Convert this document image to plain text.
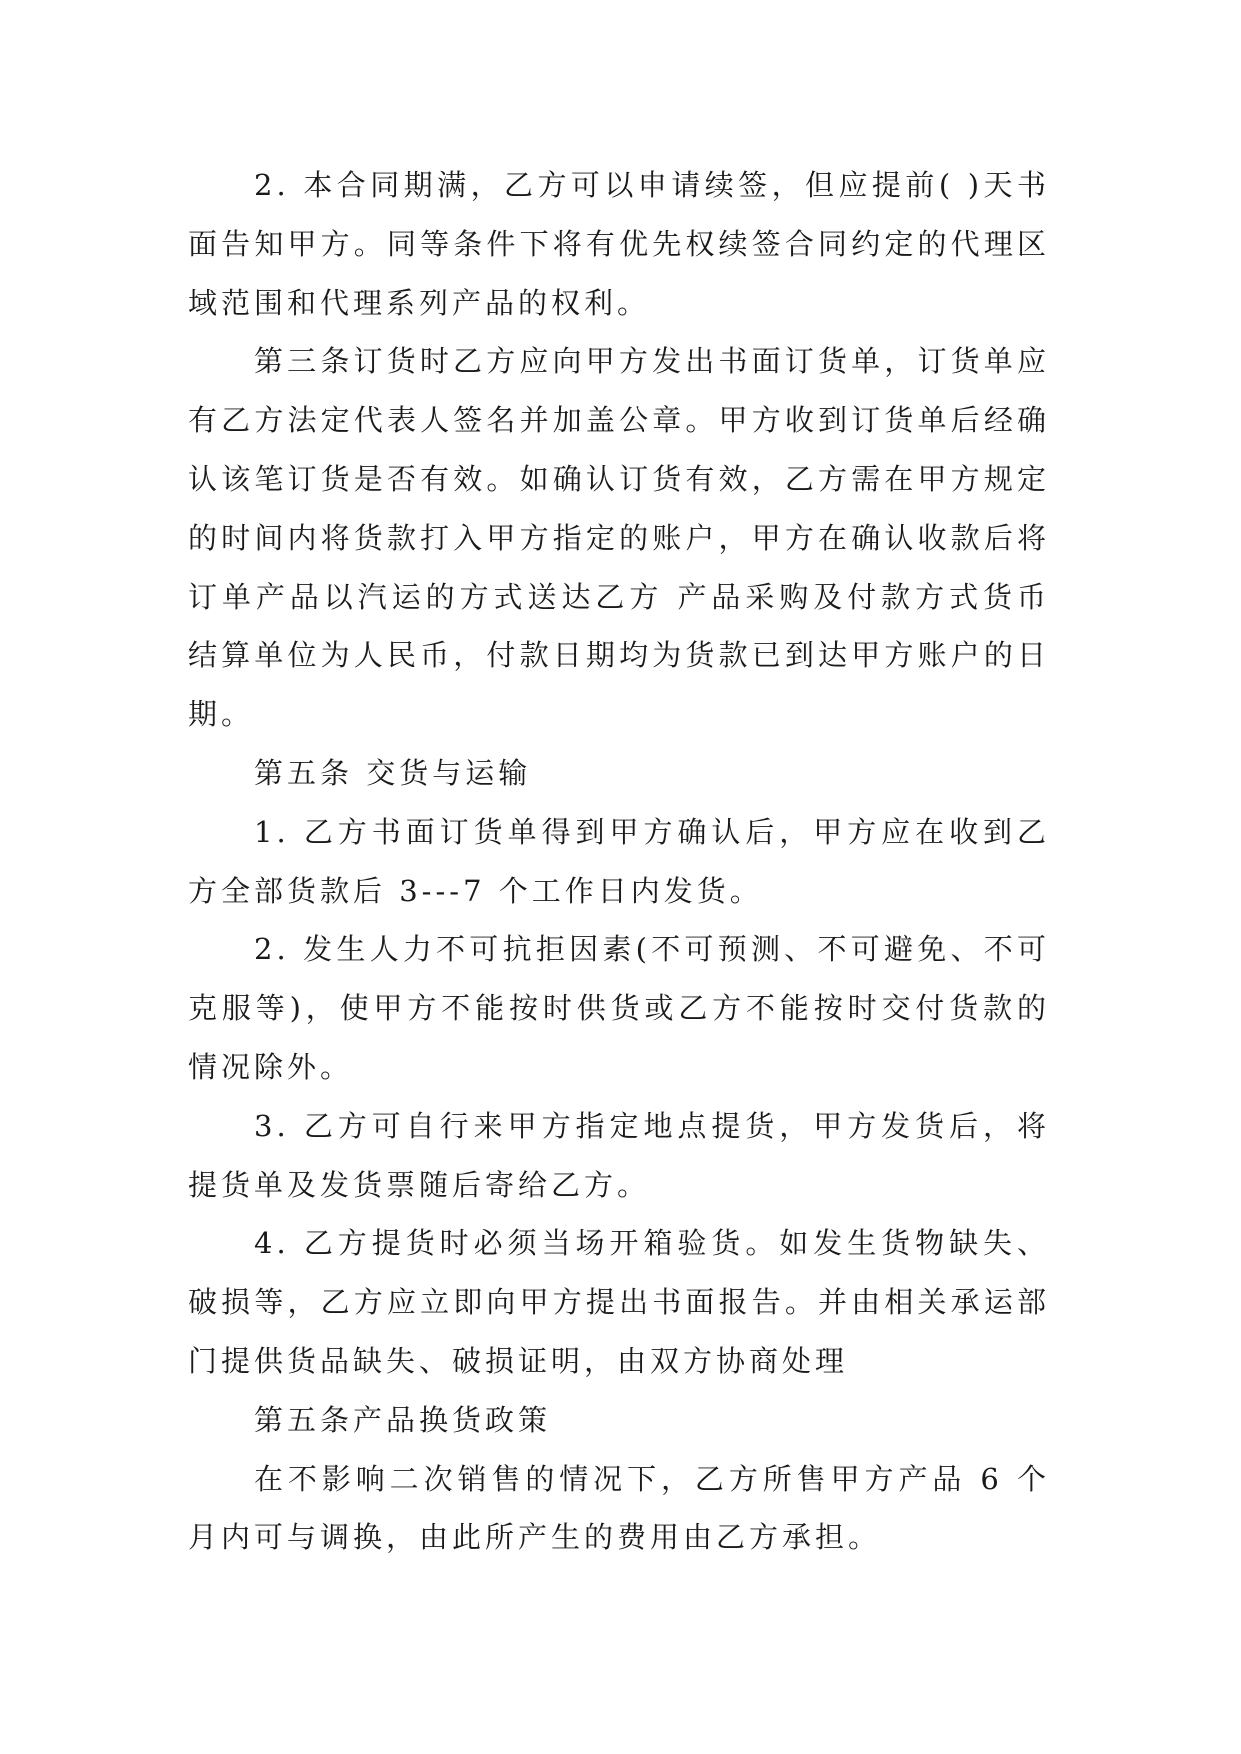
2. 本合同期满，乙方可以申请续签，但应提前( )天书面告知甲方。同等条件下将有优先权续签合同约定的代理区域范围和代理系列产品的权利。

第三条订货时乙方应向甲方发出书面订货单，订货单应有乙方法定代表人签名并加盖公章。甲方收到订货单后经确认该笔订货是否有效。如确认订货有效，乙方需在甲方规定的时间内将货款打入甲方指定的账户，甲方在确认收款后将订单产品以汽运的方式送达乙方 产品采购及付款方式货币结算单位为人民币，付款日期均为货款已到达甲方账户的日期。

第五条 交货与运输

1. 乙方书面订货单得到甲方确认后，甲方应在收到乙方全部货款后 3---7 个工作日内发货。

2. 发生人力不可抗拒因素(不可预测、不可避免、不可克服等)，使甲方不能按时供货或乙方不能按时交付货款的情况除外。

3. 乙方可自行来甲方指定地点提货，甲方发货后，将提货单及发货票随后寄给乙方。

4. 乙方提货时必须当场开箱验货。如发生货物缺失、破损等，乙方应立即向甲方提出书面报告。并由相关承运部门提供货品缺失、破损证明，由双方协商处理

第五条产品换货政策

在不影响二次销售的情况下，乙方所售甲方产品 6 个月内可与调换，由此所产生的费用由乙方承担。
